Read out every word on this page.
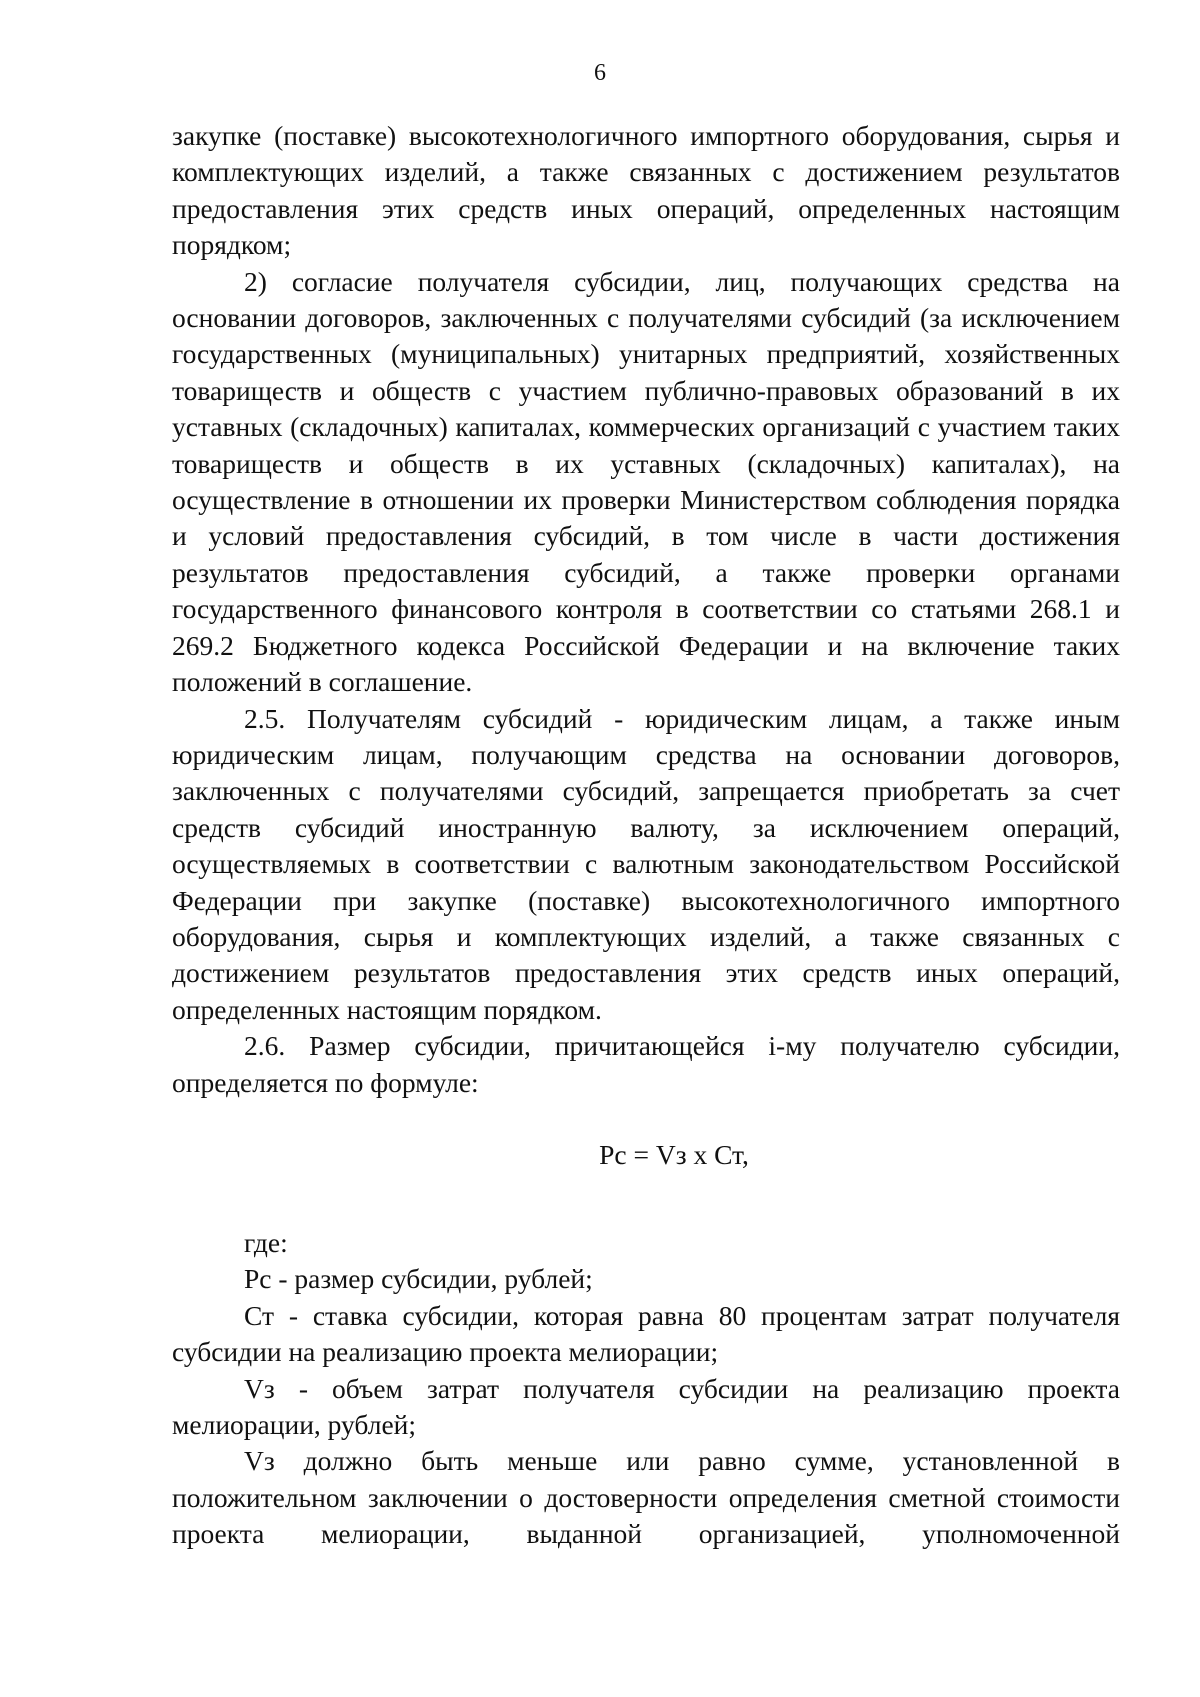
6

закупке (поставке) высокотехнологичного импортного оборудования, сырья и комплектующих изделий, а также связанных с достижением результатов предоставления этих средств иных операций, определенных настоящим порядком;

2) согласие получателя субсидии, лиц, получающих средства на основании договоров, заключенных с получателями субсидий (за исключением государственных (муниципальных) унитарных предприятий, хозяйственных товариществ и обществ с участием публично-правовых образований в их уставных (складочных) капиталах, коммерческих организаций с участием таких товариществ и обществ в их уставных (складочных) капиталах), на осуществление в отношении их проверки Министерством соблюдения порядка и условий предоставления субсидий, в том числе в части достижения результатов предоставления субсидий, а также проверки органами государственного финансового контроля в соответствии со статьями 268.1 и 269.2 Бюджетного кодекса Российской Федерации и на включение таких положений в соглашение.

2.5. Получателям субсидий - юридическим лицам, а также иным юридическим лицам, получающим средства на основании договоров, заключенных с получателями субсидий, запрещается приобретать за счет средств субсидий иностранную валюту, за исключением операций, осуществляемых в соответствии с валютным законодательством Российской Федерации при закупке (поставке) высокотехнологичного импортного оборудования, сырья и комплектующих изделий, а также связанных с достижением результатов предоставления этих средств иных операций, определенных настоящим порядком.

2.6. Размер субсидии, причитающейся i-му получателю субсидии, определяется по формуле:

Рс = Vз х Ст,

где:

Рс - размер субсидии, рублей;

Ст - ставка субсидии, которая равна 80 процентам затрат получателя субсидии на реализацию проекта мелиорации;

Vз - объем затрат получателя субсидии на реализацию проекта мелиорации, рублей;

Vз должно быть меньше или равно сумме, установленной в положительном заключении о достоверности определения сметной стоимости проекта мелиорации, выданной организацией, уполномоченной
